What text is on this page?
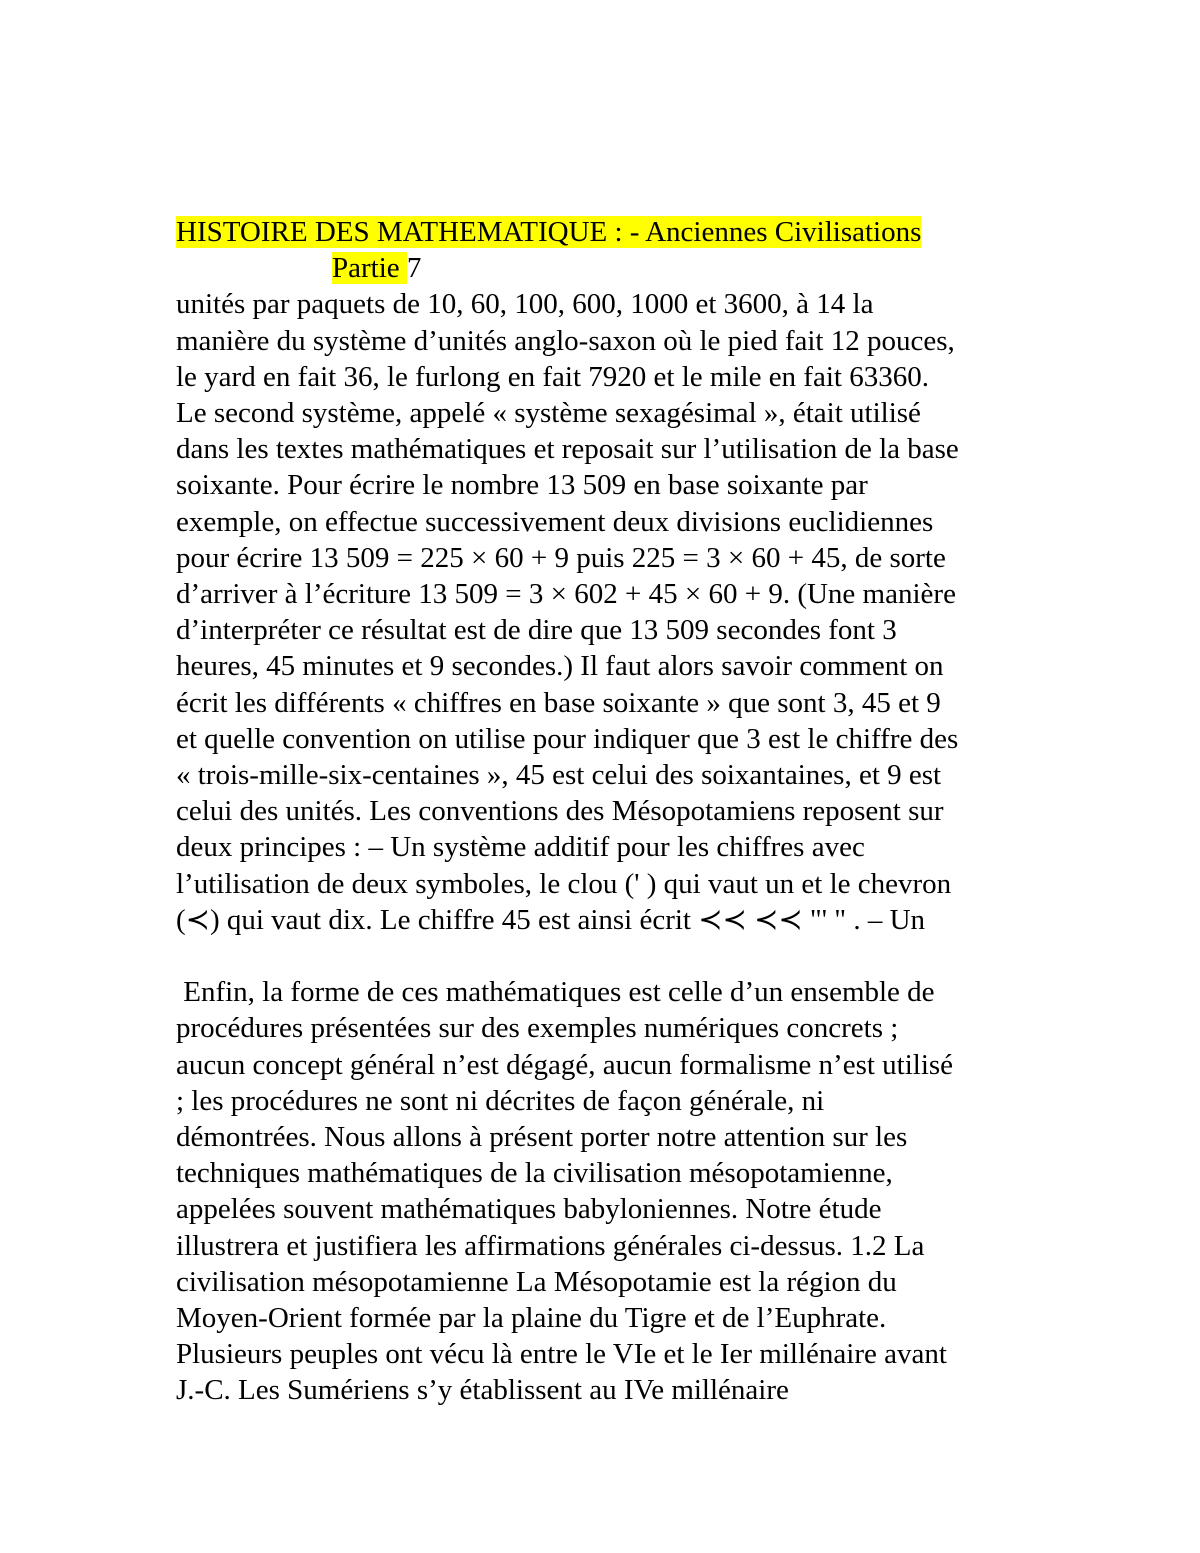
HISTOIRE DES MATHEMATIQUE : - Anciennes Civilisations

Partie 7

unités par paquets de 10, 60, 100, 600, 1000 et 3600, à 14 la
manière du système d’unités anglo-saxon où le pied fait 12 pouces,
le yard en fait 36, le furlong en fait 7920 et le mile en fait 63360.
Le second système, appelé « système sexagésimal », était utilisé
dans les textes mathématiques et reposait sur l’utilisation de la base
soixante. Pour écrire le nombre 13 509 en base soixante par
exemple, on effectue successivement deux divisions euclidiennes
pour écrire 13 509 = 225 × 60 + 9 puis 225 = 3 × 60 + 45, de sorte
d’arriver à l’écriture 13 509 = 3 × 602 + 45 × 60 + 9. (Une manière
d’interpréter ce résultat est de dire que 13 509 secondes font 3
heures, 45 minutes et 9 secondes.) Il faut alors savoir comment on
écrit les différents « chiffres en base soixante » que sont 3, 45 et 9
et quelle convention on utilise pour indiquer que 3 est le chiffre des
« trois-mille-six-centaines », 45 est celui des soixantaines, et 9 est
celui des unités. Les conventions des Mésopotamiens reposent sur
deux principes : – Un système additif pour les chiffres avec
l’utilisation de deux symboles, le clou (' ) qui vaut un et le chevron
(≺) qui vaut dix. Le chiffre 45 est ainsi écrit ≺≺ ≺≺ "' " . – Un
Enfin, la forme de ces mathématiques est celle d’un ensemble de
procédures présentées sur des exemples numériques concrets ;
aucun concept général n’est dégagé, aucun formalisme n’est utilisé
; les procédures ne sont ni décrites de façon générale, ni
démontrées. Nous allons à présent porter notre attention sur les
techniques mathématiques de la civilisation mésopotamienne,
appelées souvent mathématiques babyloniennes. Notre étude
illustrera et justifiera les affirmations générales ci-dessus. 1.2 La
civilisation mésopotamienne La Mésopotamie est la région du
Moyen-Orient formée par la plaine du Tigre et de l’Euphrate.
Plusieurs peuples ont vécu là entre le VIe et le Ier millénaire avant
J.-C. Les Sumériens s’y établissent au IVe millénaire
